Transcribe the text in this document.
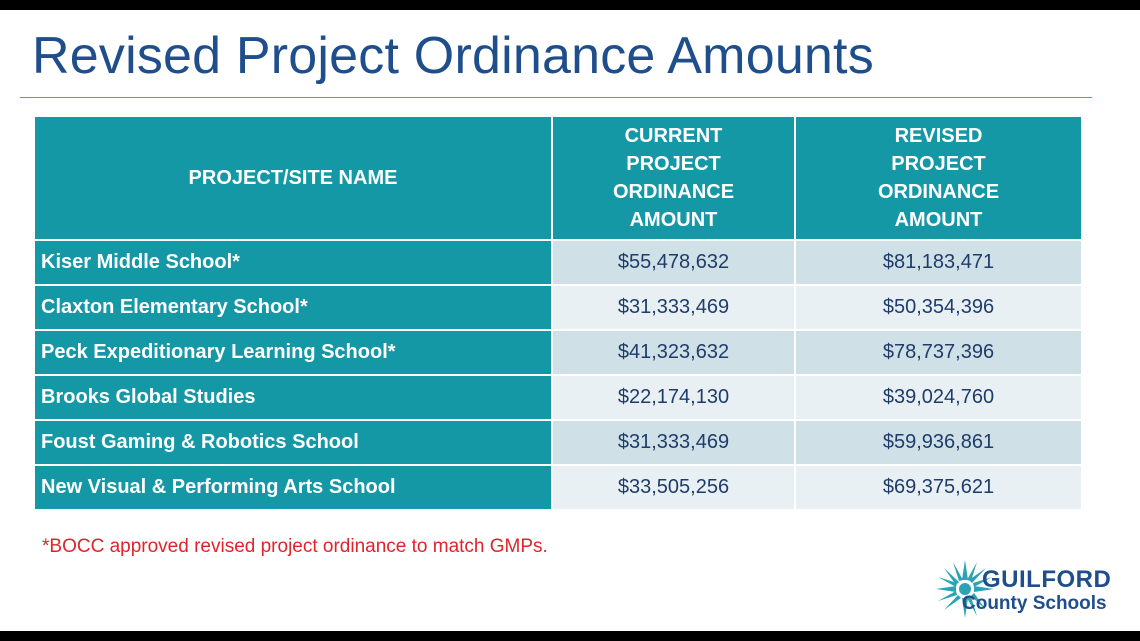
Revised Project Ordinance Amounts
PROJECT/SITE NAME	CURRENT PROJECT ORDINANCE AMOUNT	REVISED PROJECT ORDINANCE AMOUNT

Kiser Middle School*	$55,478,632	$81,183,471
Claxton Elementary School*	$31,333,469	$50,354,396
Peck Expeditionary Learning School*	$41,323,632	$78,737,396
Brooks Global Studies	$22,174,130	$39,024,760
Foust Gaming & Robotics School	$31,333,469	$59,936,861
New Visual & Performing Arts School	$33,505,256	$69,375,621
*BOCC approved revised project ordinance to match GMPs.
GUILFORD
County Schools
